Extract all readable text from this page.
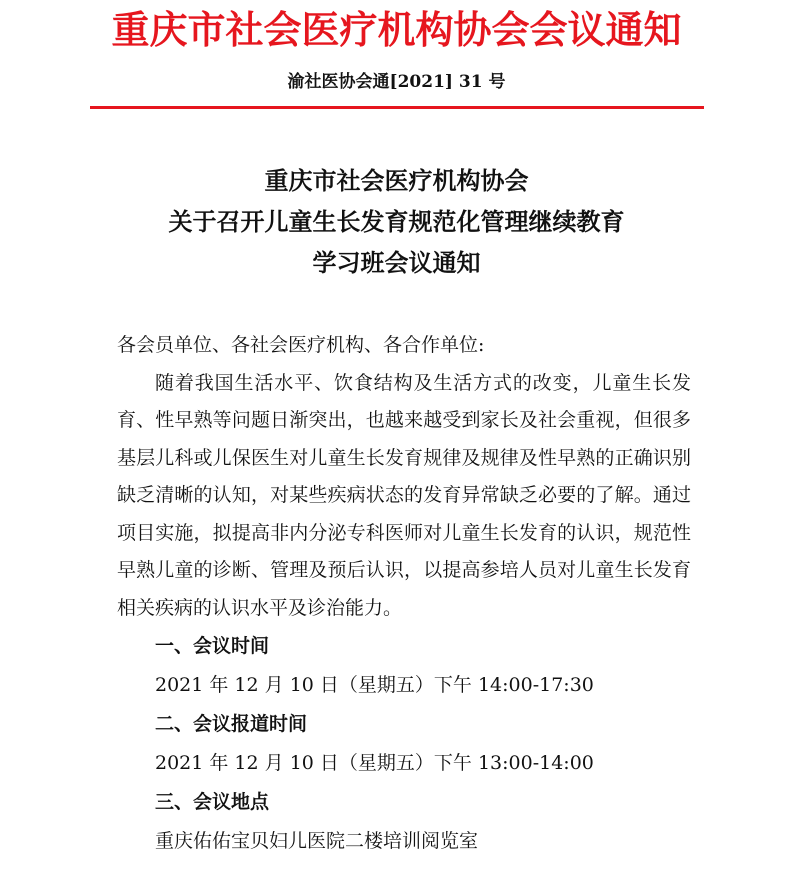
重庆市社会医疗机构协会会议通知
渝社医协会通[2021] 31 号
重庆市社会医疗机构协会
关于召开儿童生长发育规范化管理继续教育
学习班会议通知
各会员单位、各社会医疗机构、各合作单位:
随着我国生活水平、饮食结构及生活方式的改变，儿童生长发育、性早熟等问题日渐突出，也越来越受到家长及社会重视，但很多基层儿科或儿保医生对儿童生长发育规律及规律及性早熟的正确识别缺乏清晰的认知，对某些疾病状态的发育异常缺乏必要的了解。通过项目实施，拟提高非内分泌专科医师对儿童生长发育的认识，规范性早熟儿童的诊断、管理及预后认识，以提高参培人员对儿童生长发育相关疾病的认识水平及诊治能力。
一、会议时间
2021 年 12 月 10 日（星期五）下午 14:00-17:30
二、会议报道时间
2021 年 12 月 10 日（星期五）下午 13:00-14:00
三、会议地点
重庆佑佑宝贝妇儿医院二楼培训阅览室
